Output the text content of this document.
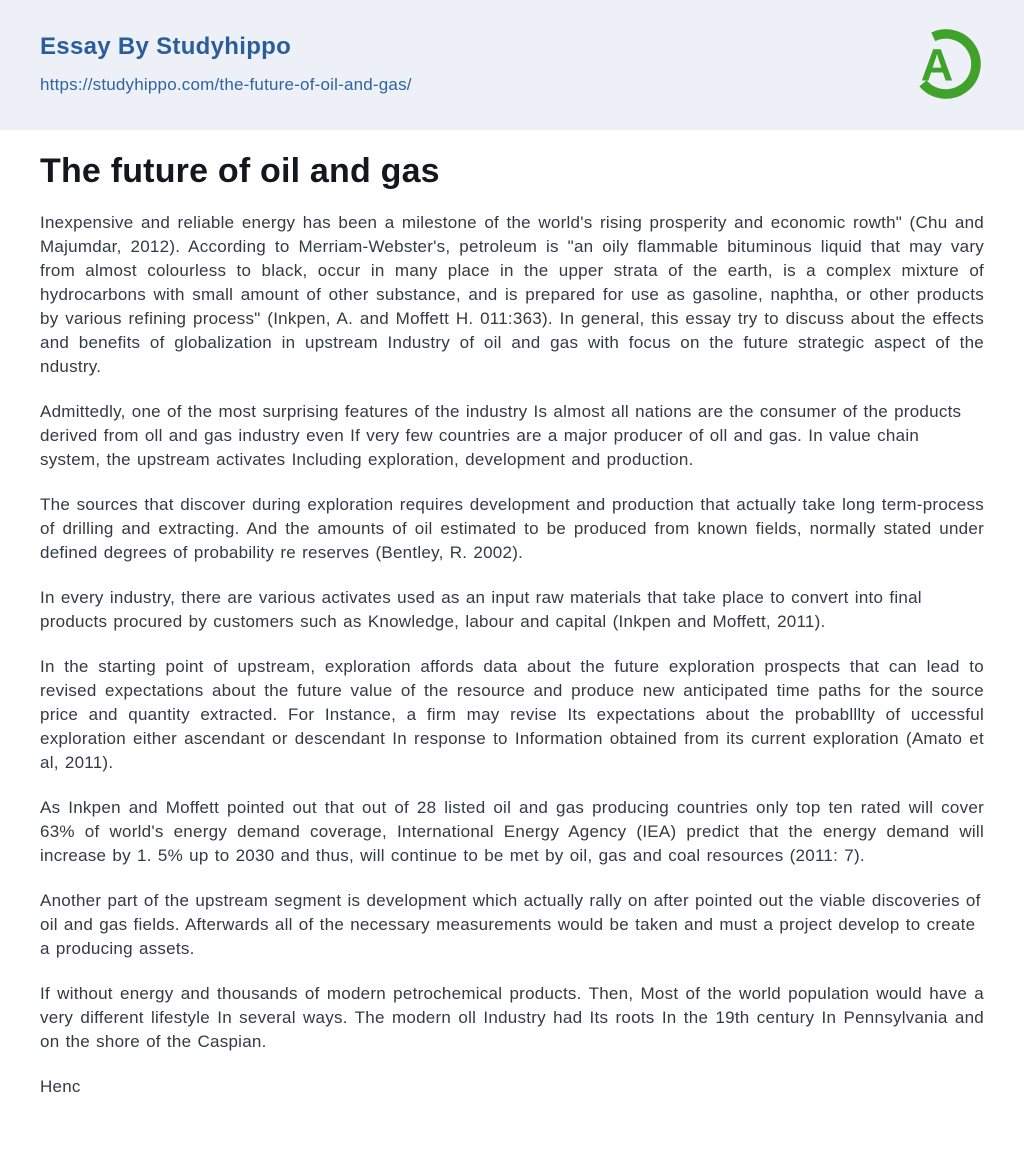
Essay By Studyhippo
https://studyhippo.com/the-future-of-oil-and-gas/	A
The future of oil and gas

Inexpensive and reliable energy has been a milestone of the world's rising prosperity and economic rowth" (Chu and Majumdar, 2012). According to Merriam-Webster's, petroleum is "an oily flammable bituminous liquid that may vary from almost colourless to black, occur in many place in the upper strata of the earth, is a complex mixture of hydrocarbons with small amount of other substance, and is prepared for use as gasoline, naphtha, or other products by various refining process" (Inkpen, A. and Moffett H. 011:363). In general, this essay try to discuss about the effects and benefits of globalization in upstream Industry of oil and gas with focus on the future strategic aspect of the ndustry.

Admittedly, one of the most surprising features of the industry Is almost all nations are the consumer of the products derived from oll and gas industry even If very few countries are a major producer of oll and gas. In value chain system, the upstream activates Including exploration, development and production.

The sources that discover during exploration requires development and production that actually take long term-process of drilling and extracting. And the amounts of oil estimated to be produced from known fields, normally stated under defined degrees of probability re reserves (Bentley, R. 2002).

In every industry, there are various activates used as an input raw materials that take place to convert into final products procured by customers such as Knowledge, labour and capital (Inkpen and Moffett, 2011).

In the starting point of upstream, exploration affords data about the future exploration prospects that can lead to revised expectations about the future value of the resource and produce new anticipated time paths for the source price and quantity extracted. For Instance, a firm may revise Its expectations about the probablllty of uccessful exploration either ascendant or descendant In response to Information obtained from its current exploration (Amato et al, 2011).

As Inkpen and Moffett pointed out that out of 28 listed oil and gas producing countries only top ten rated will cover 63% of world's energy demand coverage, International Energy Agency (IEA) predict that the energy demand will increase by 1. 5% up to 2030 and thus, will continue to be met by oil, gas and coal resources (2011: 7).

Another part of the upstream segment is development which actually rally on after pointed out the viable discoveries of oil and gas fields. Afterwards all of the necessary measurements would be taken and must a project develop to create a producing assets.

If without energy and thousands of modern petrochemical products. Then, Most of the world population would have a very different lifestyle In several ways. The modern oll Industry had Its roots In the 19th century In Pennsylvania and on the shore of the Caspian.

Henc
